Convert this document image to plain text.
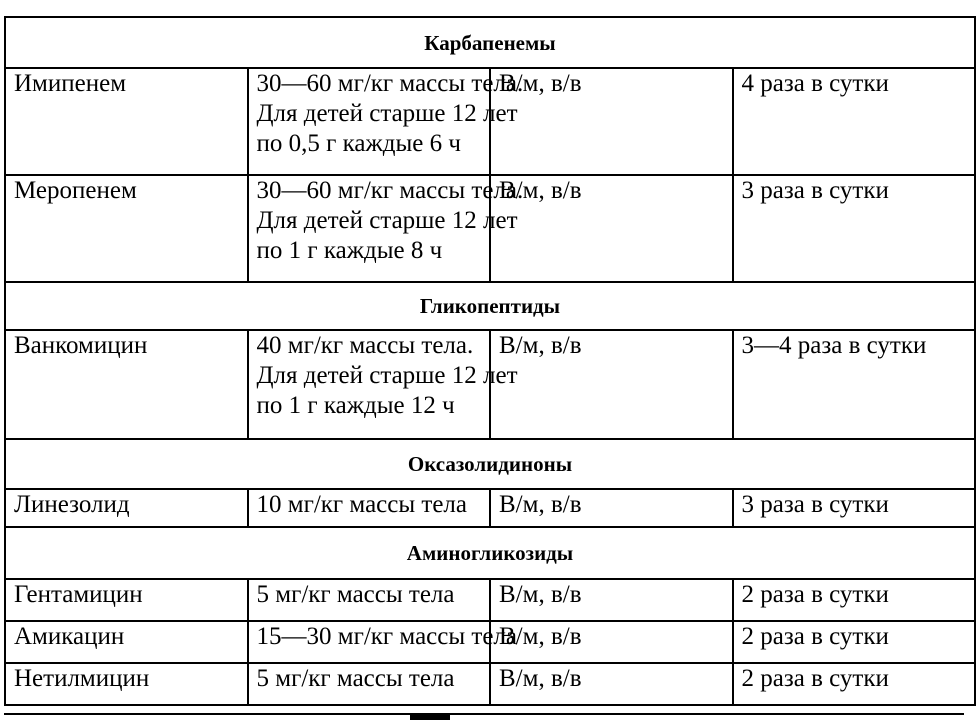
Карбапенемы			
Имипенем	30—60 мг/кг массы тела.
Для детей старше 12 лет
по 0,5 г каждые 6 ч	В/м, в/в	4 раза в сутки
Меропенем	30—60 мг/кг массы тела.
Для детей старше 12 лет
по 1 г каждые 8 ч	В/м, в/в	3 раза в сутки
Гликопептиды			
Ванкомицин	40 мг/кг массы тела.
Для детей старше 12 лет
по 1 г каждые 12 ч	В/м, в/в	3—4 раза в сутки
Оксазолидиноны			
Линезолид	10 мг/кг массы тела	В/м, в/в	3 раза в сутки
Аминогликозиды			
Гентамицин	5 мг/кг массы тела	В/м, в/в	2 раза в сутки
Амикацин	15—30 мг/кг массы тела	В/м, в/в	2 раза в сутки
Нетилмицин	5 мг/кг массы тела	В/м, в/в	2 раза в сутки
